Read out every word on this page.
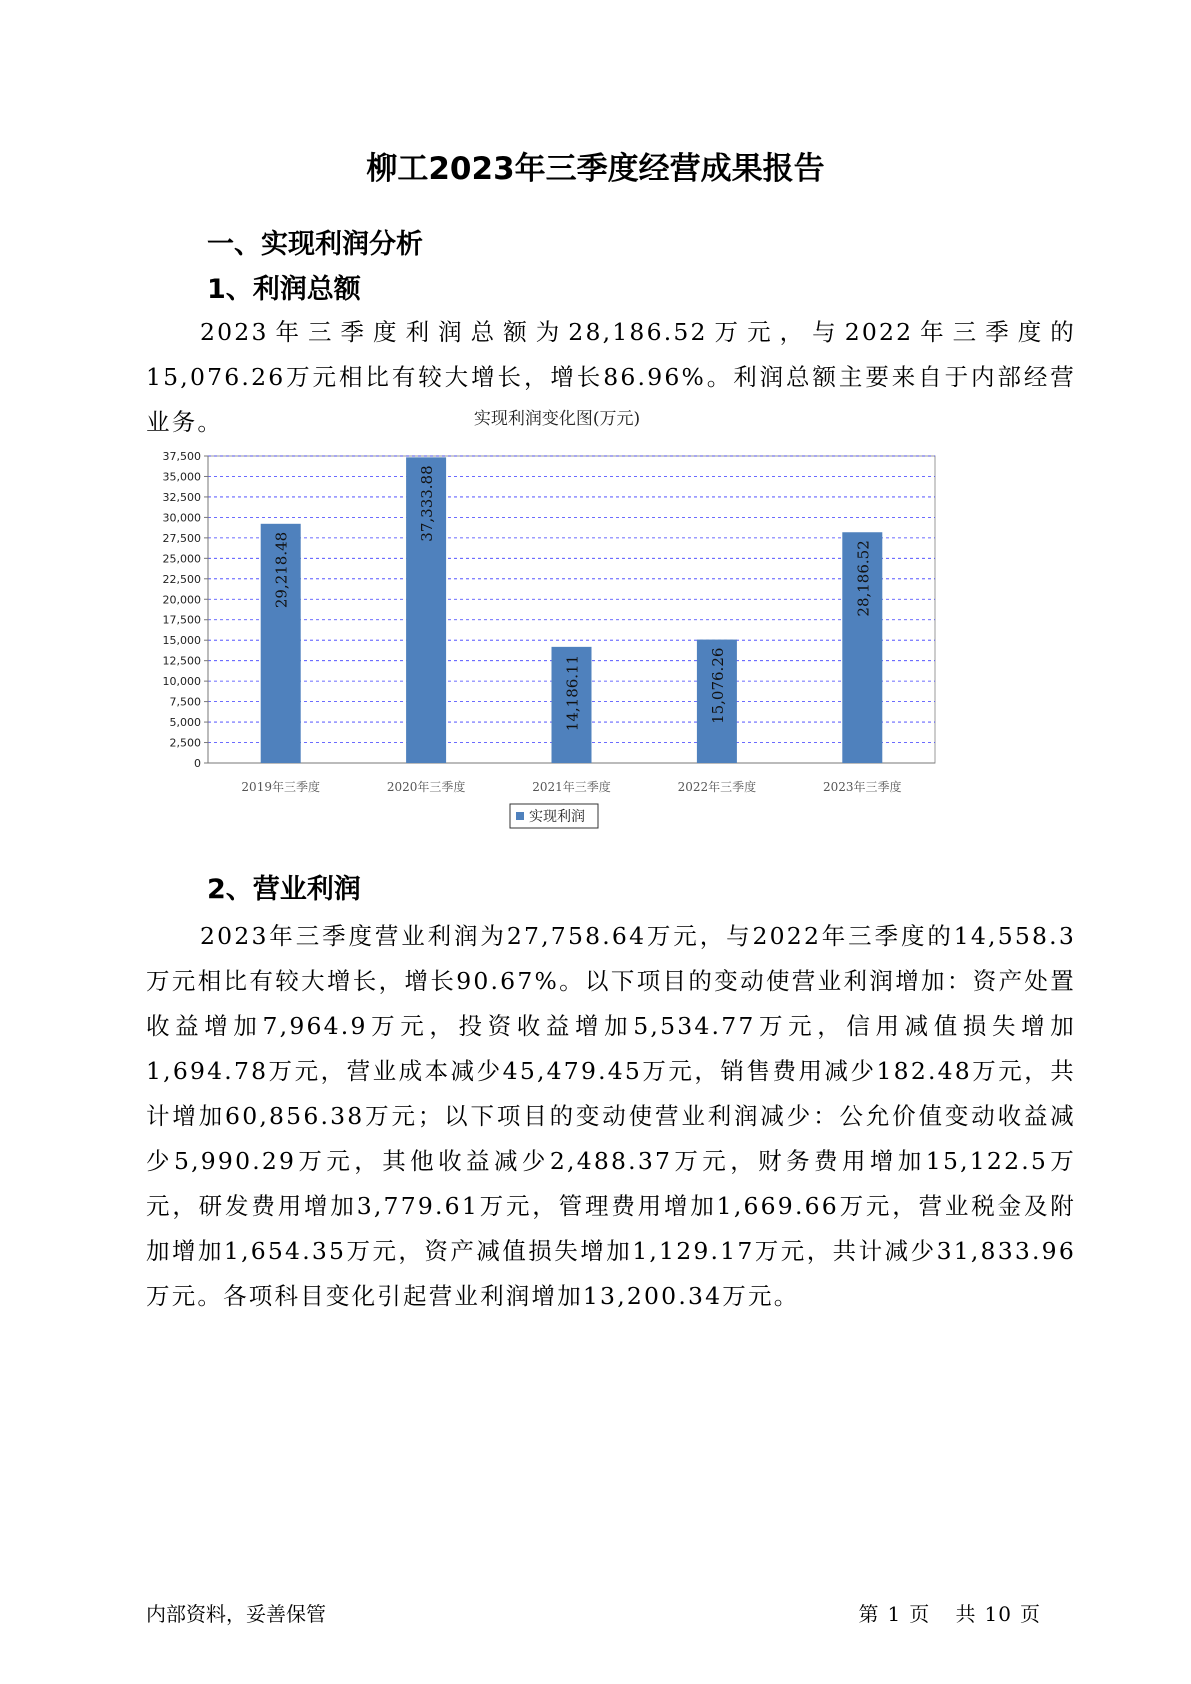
柳工2023年三季度经营成果报告
一、实现利润分析
1、利润总额
2023年三季度利润总额为28,186.52万元，与2022年三季度的15,076.26万元相比有较大增长，增长86.96%。利润总额主要来自于内部经营业务。	实现利润变化图(万元)
0
2,500
5,000
7,500
10,000
12,500
15,000
17,500
20,000
22,500
25,000
27,500
30,000
32,500
35,000
37,500
29,218.48
2019年三季度
37,333.88
2020年三季度
14,186.11
2021年三季度
15,076.26
2022年三季度
28,186.52
2023年三季度
实现利润
2、营业利润
2023年三季度营业利润为27,758.64万元，与2022年三季度的14,558.3万元相比有较大增长，增长90.67%。以下项目的变动使营业利润增加：资产处置收益增加7,964.9万元，投资收益增加5,534.77万元，信用减值损失增加1,694.78万元，营业成本减少45,479.45万元，销售费用减少182.48万元，共计增加60,856.38万元；以下项目的变动使营业利润减少：公允价值变动收益减少5,990.29万元，其他收益减少2,488.37万元，财务费用增加15,122.5万元，研发费用增加3,779.61万元，管理费用增加1,669.66万元，营业税金及附加增加1,654.35万元，资产减值损失增加1,129.17万元，共计减少31,833.96万元。各项科目变化引起营业利润增加13,200.34万元。
内部资料，妥善保管	第 1 页 共 10 页
